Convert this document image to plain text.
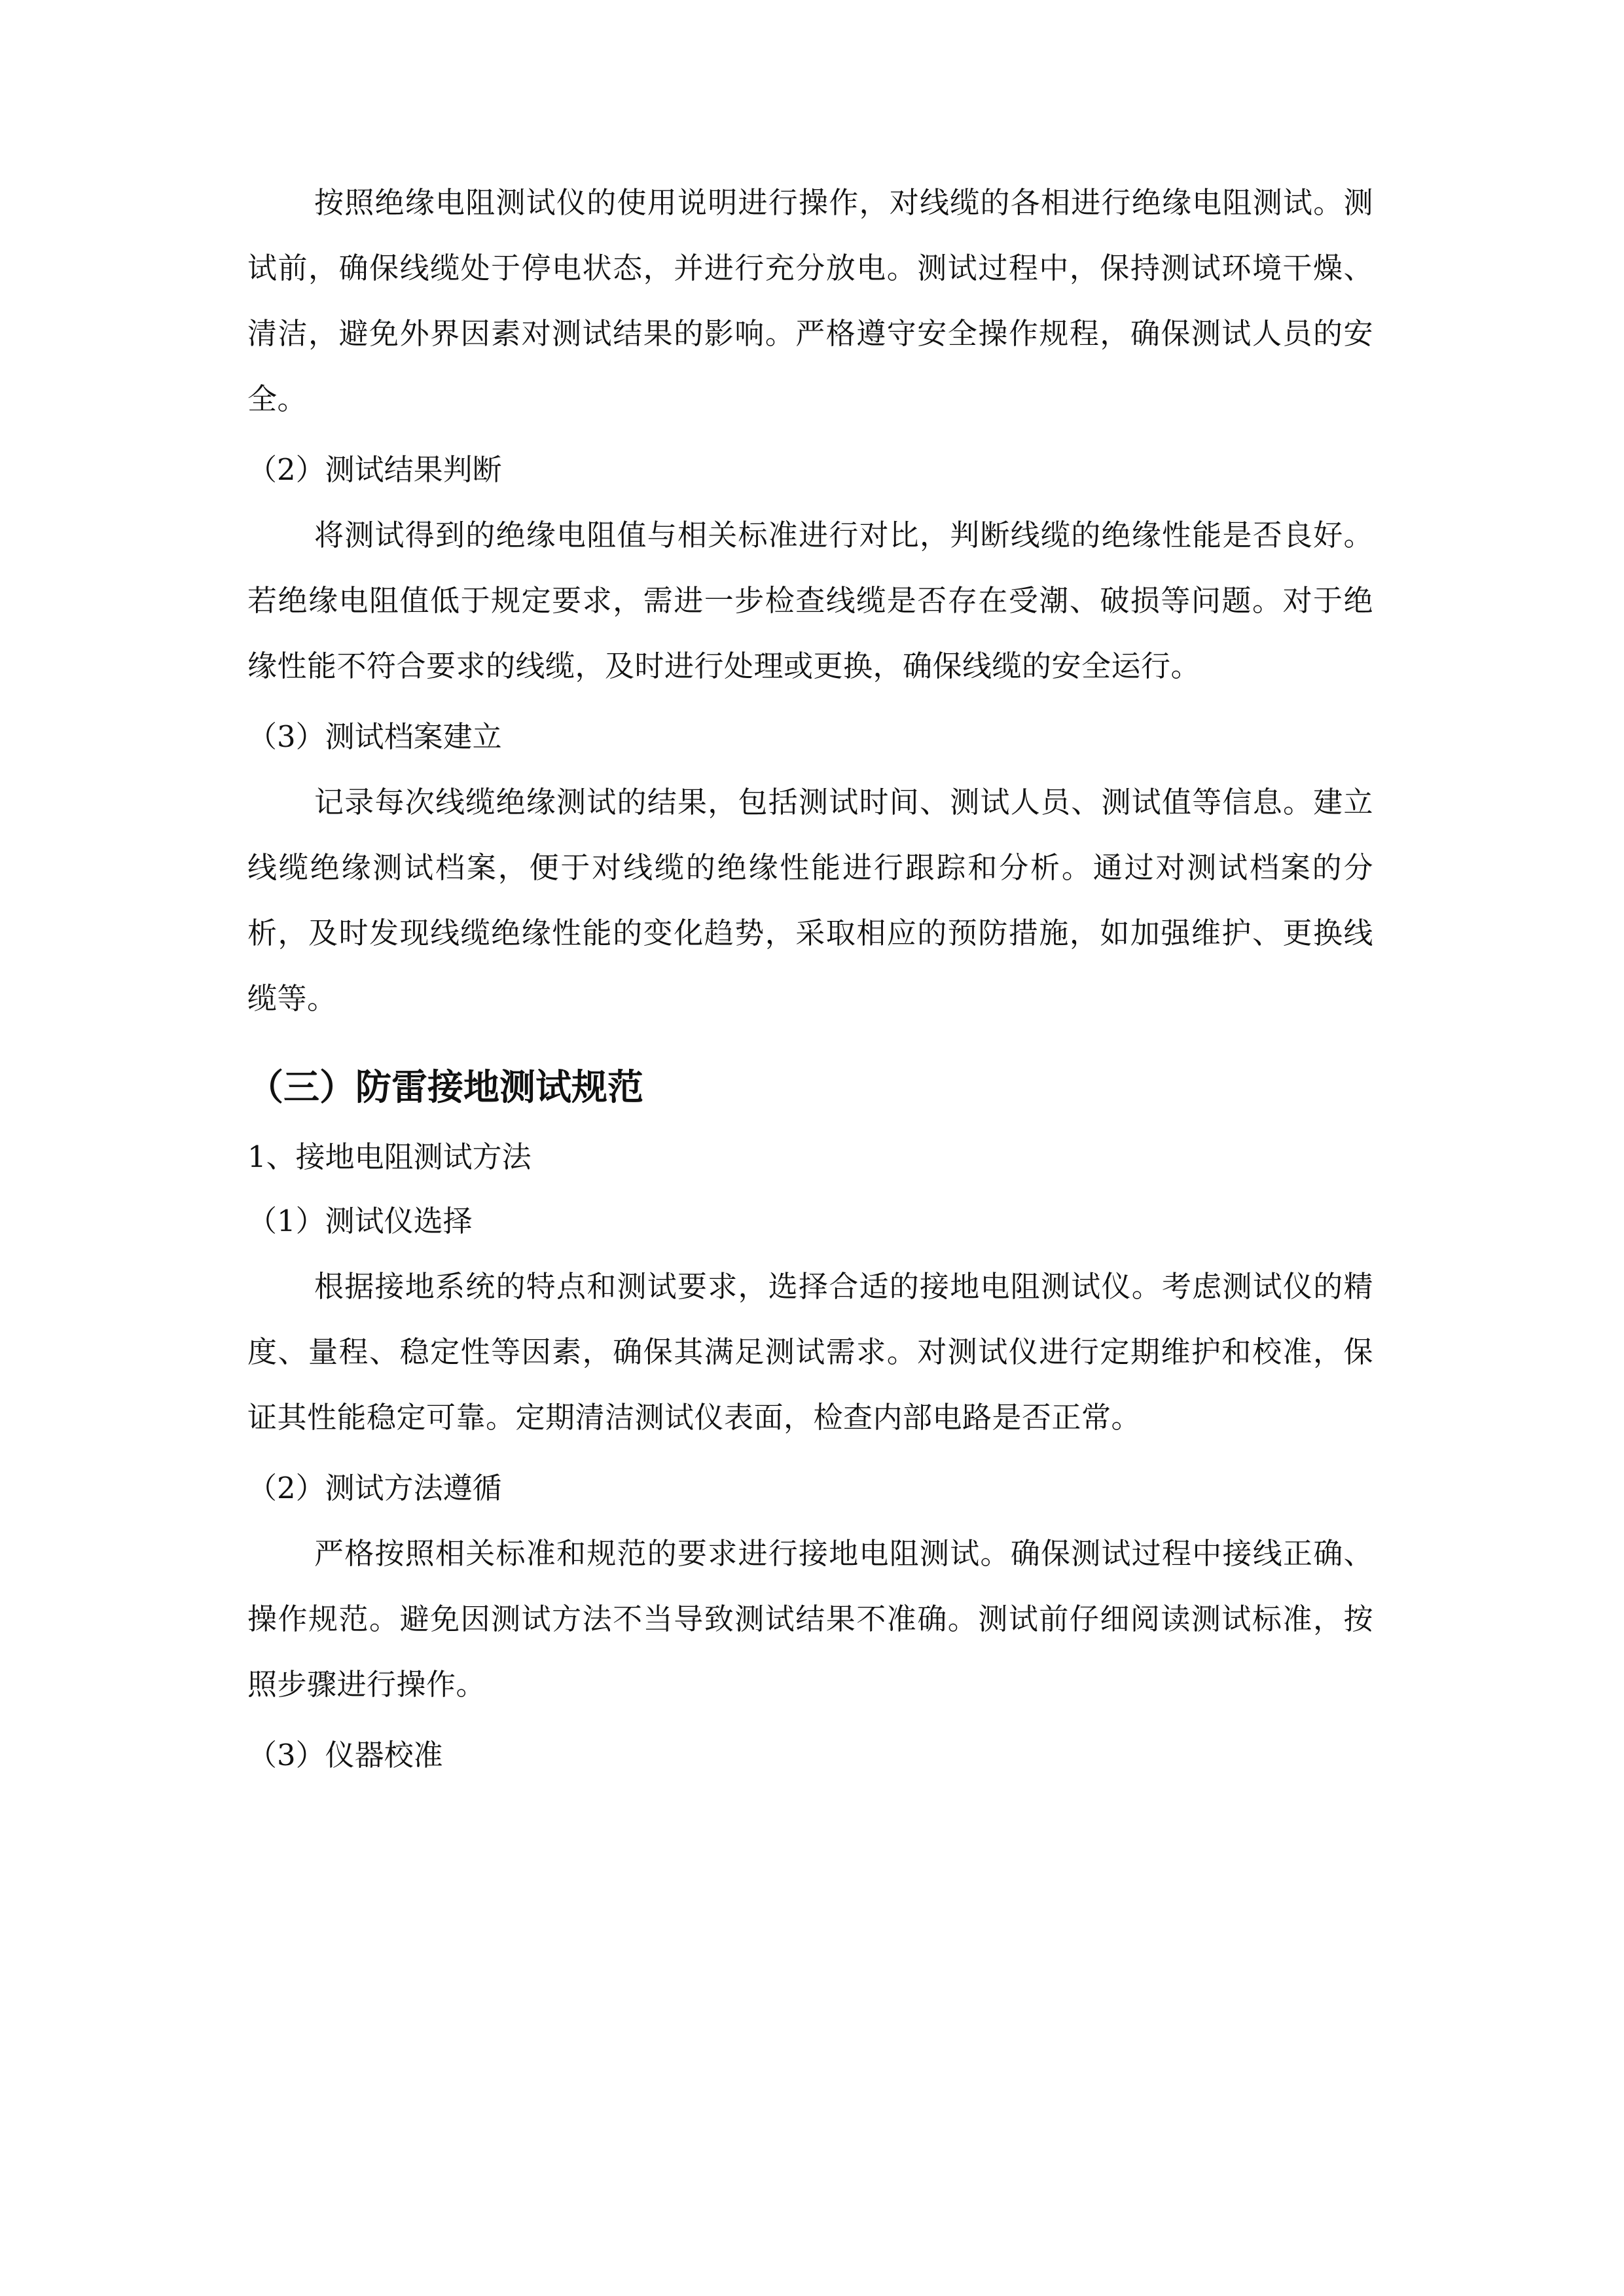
按照绝缘电阻测试仪的使用说明进行操作，对线缆的各相进行绝缘电阻测试。测试前，确保线缆处于停电状态，并进行充分放电。测试过程中，保持测试环境干燥、清洁，避免外界因素对测试结果的影响。严格遵守安全操作规程，确保测试人员的安全。

（2）测试结果判断

将测试得到的绝缘电阻值与相关标准进行对比，判断线缆的绝缘性能是否良好。若绝缘电阻值低于规定要求，需进一步检查线缆是否存在受潮、破损等问题。对于绝缘性能不符合要求的线缆，及时进行处理或更换，确保线缆的安全运行。

（3）测试档案建立

记录每次线缆绝缘测试的结果，包括测试时间、测试人员、测试值等信息。建立线缆绝缘测试档案，便于对线缆的绝缘性能进行跟踪和分析。通过对测试档案的分析，及时发现线缆绝缘性能的变化趋势，采取相应的预防措施，如加强维护、更换线缆等。

（三）防雷接地测试规范

1、接地电阻测试方法

（1）测试仪选择

根据接地系统的特点和测试要求，选择合适的接地电阻测试仪。考虑测试仪的精度、量程、稳定性等因素，确保其满足测试需求。对测试仪进行定期维护和校准，保证其性能稳定可靠。定期清洁测试仪表面，检查内部电路是否正常。

（2）测试方法遵循

严格按照相关标准和规范的要求进行接地电阻测试。确保测试过程中接线正确、操作规范。避免因测试方法不当导致测试结果不准确。测试前仔细阅读测试标准，按照步骤进行操作。

（3）仪器校准
